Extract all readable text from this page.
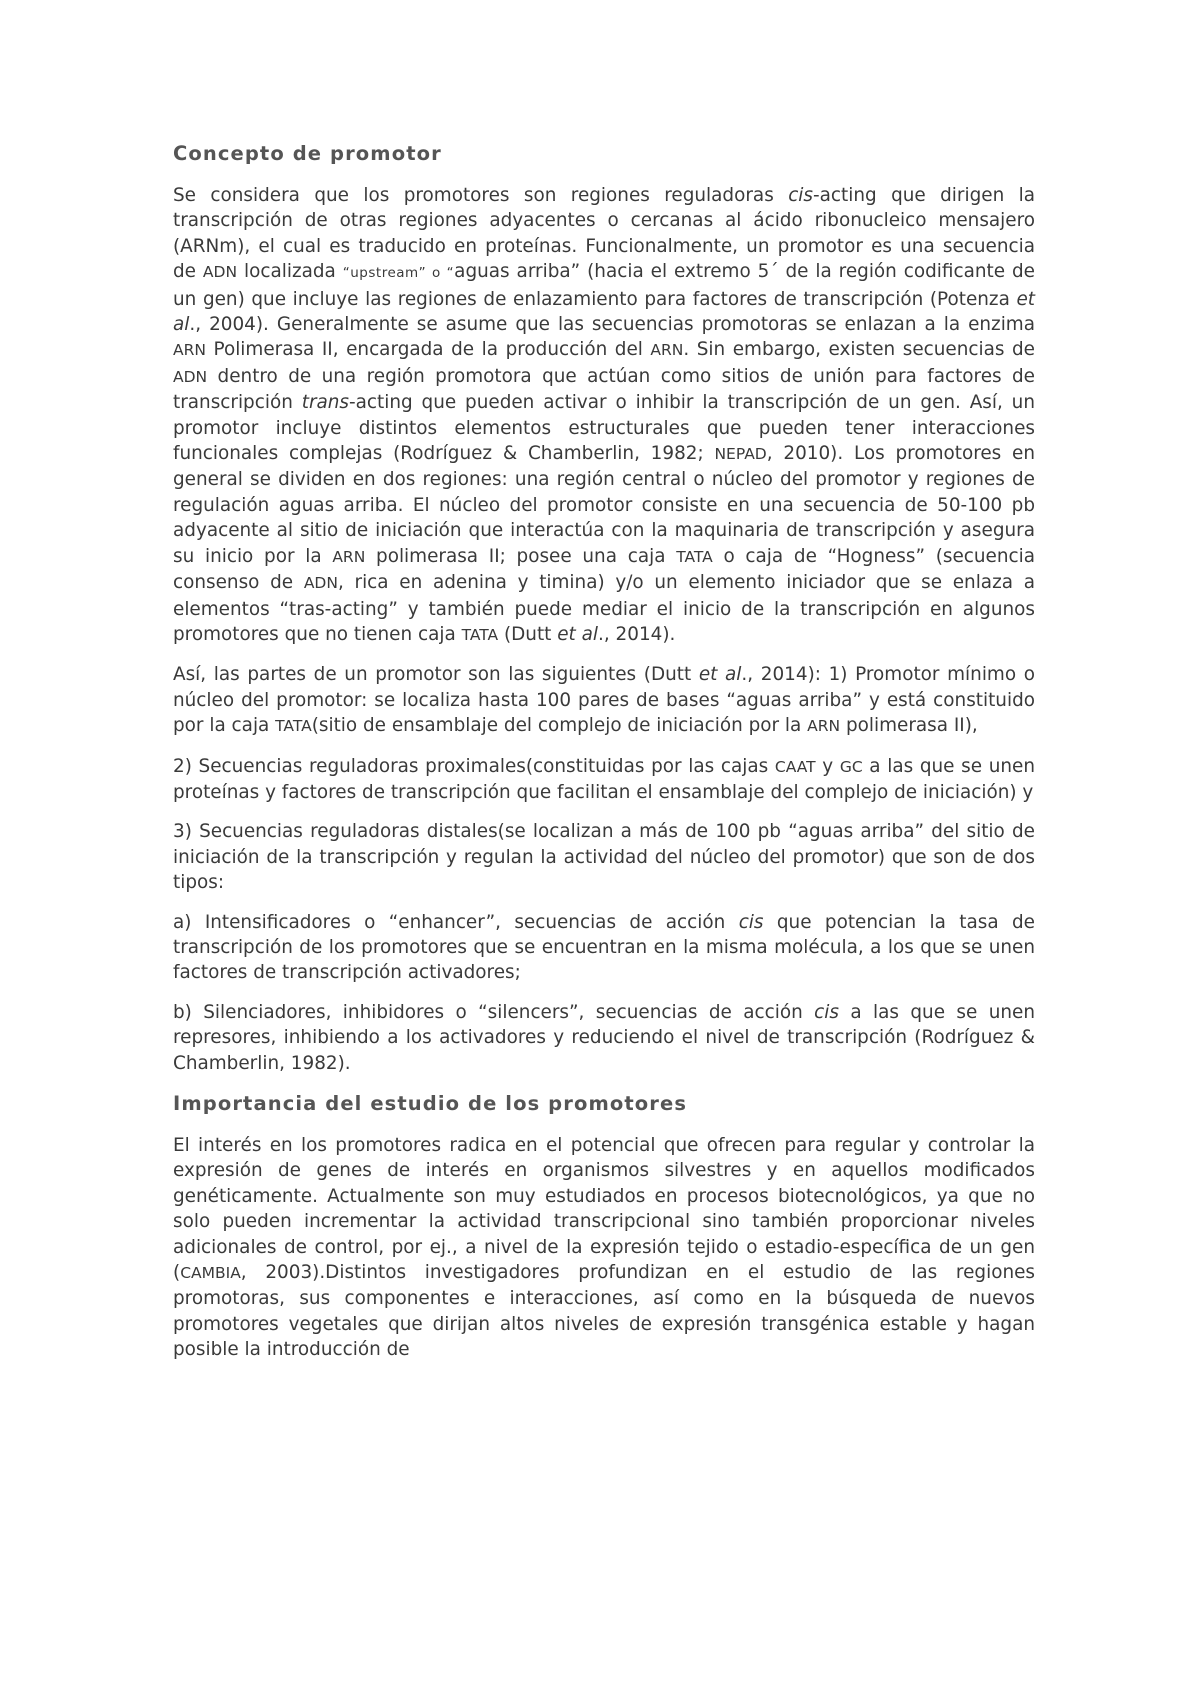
Concepto de promotor

Se considera que los promotores son regiones reguladoras cis-acting que dirigen la transcripción de otras regiones adyacentes o cercanas al ácido ribonucleico mensajero (ARNm), el cual es traducido en proteínas. Funcionalmente, un promotor es una secuencia de ADN localizada “upstream” o “aguas arriba” (hacia el extremo 5´ de la región codificante de un gen) que incluye las regiones de enlazamiento para factores de transcripción (Potenza et al., 2004). Generalmente se asume que las secuencias promotoras se enlazan a la enzima ARN Polimerasa II, encargada de la producción del ARN. Sin embargo, existen secuencias de ADN dentro de una región promotora que actúan como sitios de unión para factores de transcripción trans-acting que pueden activar o inhibir la transcripción de un gen. Así, un promotor incluye distintos elementos estructurales que pueden tener interacciones funcionales complejas (Rodríguez & Chamberlin, 1982; NEPAD, 2010). Los promotores en general se dividen en dos regiones: una región central o núcleo del promotor y regiones de regulación aguas arriba. El núcleo del promotor consiste en una secuencia de 50-100 pb adyacente al sitio de iniciación que interactúa con la maquinaria de transcripción y asegura su inicio por la ARN polimerasa II; posee una caja TATA o caja de “Hogness” (secuencia consenso de ADN, rica en adenina y timina) y/o un elemento iniciador que se enlaza a elementos “tras-acting” y también puede mediar el inicio de la transcripción en algunos promotores que no tienen caja TATA (Dutt et al., 2014).

Así, las partes de un promotor son las siguientes (Dutt et al., 2014): 1) Promotor mínimo o núcleo del promotor: se localiza hasta 100 pares de bases “aguas arriba” y está constituido por la caja TATA(sitio de ensamblaje del complejo de iniciación por la ARN polimerasa II),

2) Secuencias reguladoras proximales(constituidas por las cajas CAAT y GC a las que se unen proteínas y factores de transcripción que facilitan el ensamblaje del complejo de iniciación) y

3) Secuencias reguladoras distales(se localizan a más de 100 pb “aguas arriba” del sitio de iniciación de la transcripción y regulan la actividad del núcleo del promotor) que son de dos tipos:

a) Intensificadores o “enhancer”, secuencias de acción cis que potencian la tasa de transcripción de los promotores que se encuentran en la misma molécula, a los que se unen factores de transcripción activadores;

b) Silenciadores, inhibidores o “silencers”, secuencias de acción cis a las que se unen represores, inhibiendo a los activadores y reduciendo el nivel de transcripción (Rodríguez & Chamberlin, 1982).

Importancia del estudio de los promotores

El interés en los promotores radica en el potencial que ofrecen para regular y controlar la expresión de genes de interés en organismos silvestres y en aquellos modificados genéticamente. Actualmente son muy estudiados en procesos biotecnológicos, ya que no solo pueden incrementar la actividad transcripcional sino también proporcionar niveles adicionales de control, por ej., a nivel de la expresión tejido o estadio-específica de un gen (CAMBIA, 2003).Distintos investigadores profundizan en el estudio de las regiones promotoras, sus componentes e interacciones, así como en la búsqueda de nuevos promotores vegetales que dirijan altos niveles de expresión transgénica estable y hagan posible la introducción de
